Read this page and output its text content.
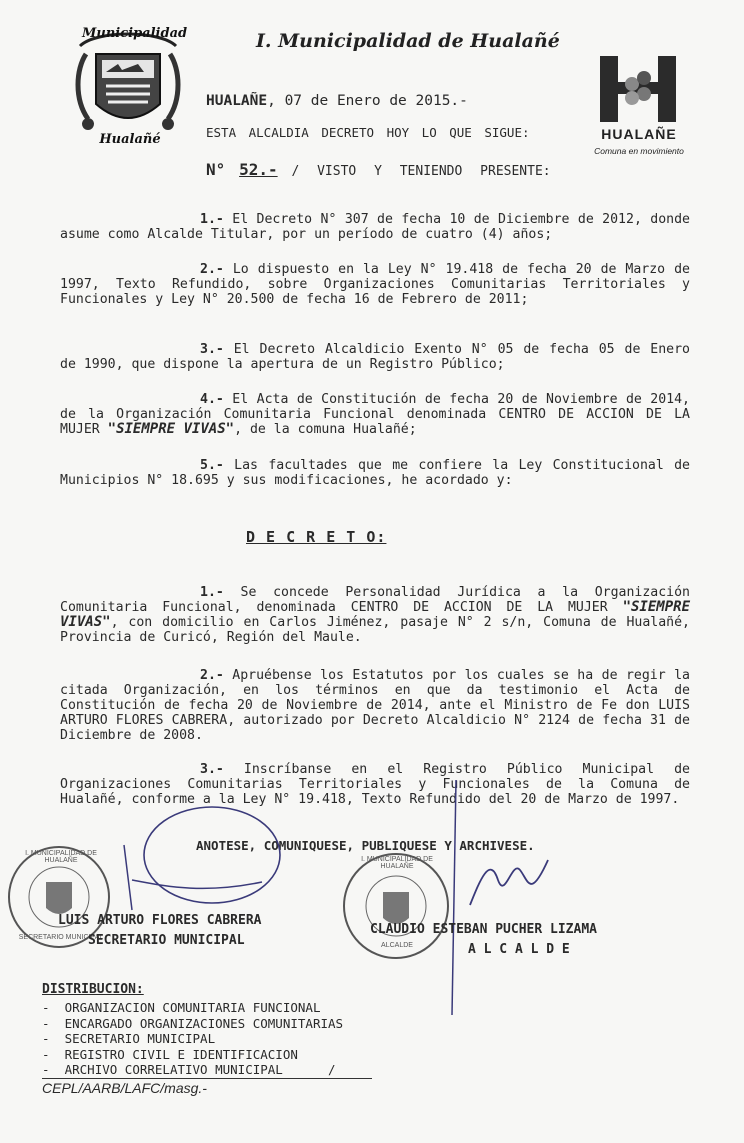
Municipalidad
Hualañé
I. Municipalidad de Hualañé
HUALAÑE
Comuna en movimiento
HUALAÑE, 07 de Enero de 2015.-
ESTA ALCALDIA DECRETO HOY LO QUE SIGUE:
N° 52.- / VISTO Y TENIENDO PRESENTE:

1.- El Decreto N° 307 de fecha 10 de Diciembre de 2012, donde asume como Alcalde Titular, por un período de cuatro (4) años;

2.- Lo dispuesto en la Ley N° 19.418 de fecha 20 de Marzo de 1997, Texto Refundido, sobre Organizaciones Comunitarias Territoriales y Funcionales y Ley N° 20.500 de fecha 16 de Febrero de 2011;

3.- El Decreto Alcaldicio Exento N° 05 de fecha 05 de Enero de 1990, que dispone la apertura de un Registro Público;

4.- El Acta de Constitución de fecha 20 de Noviembre de 2014, de la Organización Comunitaria Funcional denominada CENTRO DE ACCION DE LA MUJER "SIEMPRE VIVAS", de la comuna Hualañé;

5.- Las facultades que me confiere la Ley Constitucional de Municipios N° 18.695 y sus modificaciones, he acordado y:

D E C R E T O:

1.- Se concede Personalidad Jurídica a la Organización Comunitaria Funcional, denominada CENTRO DE ACCION DE LA MUJER "SIEMPRE VIVAS", con domicilio en Carlos Jiménez, pasaje N° 2 s/n, Comuna de Hualañé, Provincia de Curicó, Región del Maule.

2.- Apruébense los Estatutos por los cuales se ha de regir la citada Organización, en los términos en que da testimonio el Acta de Constitución de fecha 20 de Noviembre de 2014, ante el Ministro de Fe don LUIS ARTURO FLORES CABRERA, autorizado por Decreto Alcaldicio N° 2124 de fecha 31 de Diciembre de 2008.

3.- Inscríbanse en el Registro Público Municipal de Organizaciones Comunitarias Territoriales y Funcionales de la Comuna de Hualañé, conforme a la Ley N° 19.418, Texto Refundido del 20 de Marzo de 1997.

ANOTESE, COMUNIQUESE, PUBLIQUESE Y ARCHIVESE.
I. MUNICIPALIDAD DE HUALAÑE
SECRETARIO MUNICIPAL
I. MUNICIPALIDAD DE HUALAÑE
ALCALDE
LUIS ARTURO FLORES CABRERA
SECRETARIO MUNICIPAL
CLAUDIO ESTEBAN PUCHER LIZAMA
A L C A L D E
DISTRIBUCION:
- ORGANIZACION COMUNITARIA FUNCIONAL
- ENCARGADO ORGANIZACIONES COMUNITARIAS
- SECRETARIO MUNICIPAL
- REGISTRO CIVIL E IDENTIFICACION
- ARCHIVO CORRELATIVO MUNICIPAL	/
CEPL/AARB/LAFC/masg.-
